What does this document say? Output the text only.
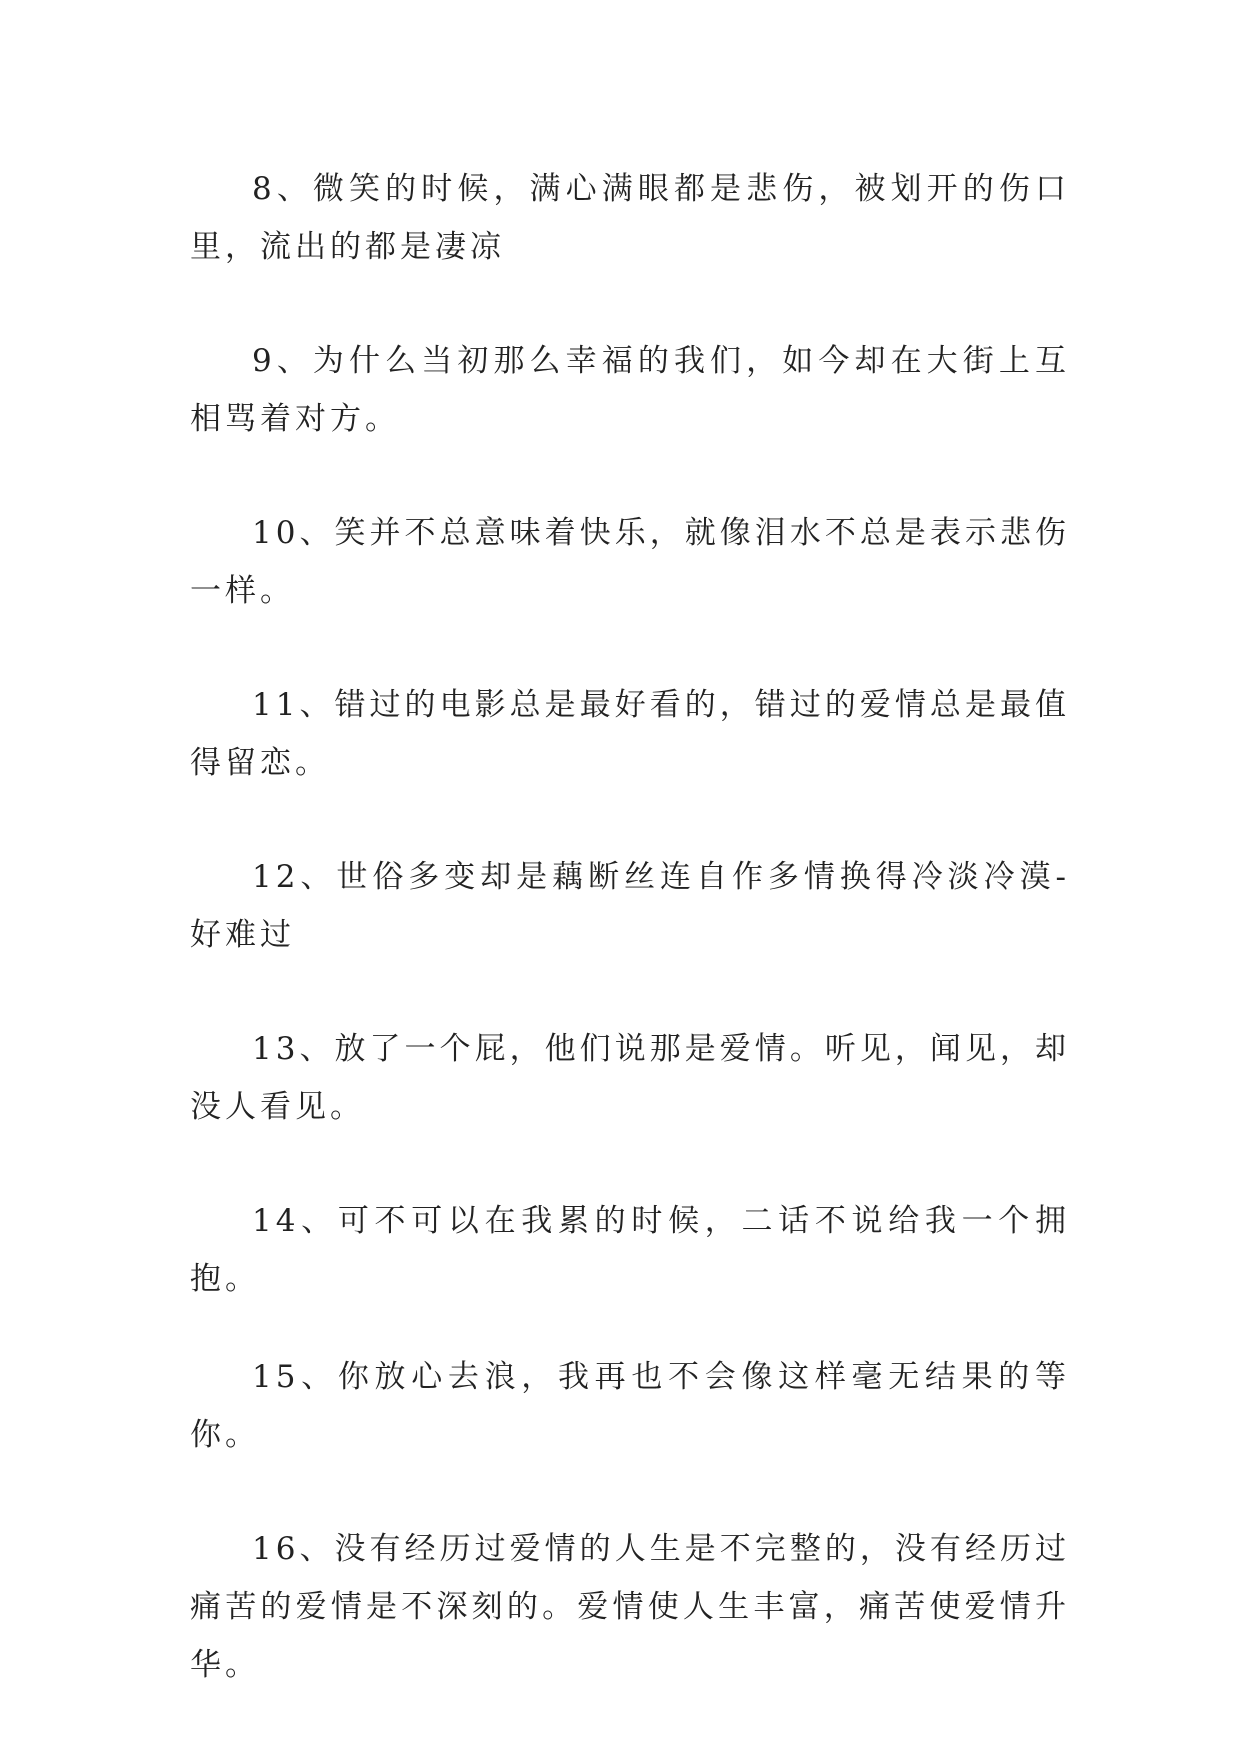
8、微笑的时候，满心满眼都是悲伤，被划开的伤口里，流出的都是凄凉

9、为什么当初那么幸福的我们，如今却在大街上互相骂着对方。

10、笑并不总意味着快乐，就像泪水不总是表示悲伤一样。

11、错过的电影总是最好看的，错过的爱情总是最值得留恋。

12、世俗多变却是藕断丝连自作多情换得冷淡冷漠-好难过

13、放了一个屁，他们说那是爱情。听见，闻见，却没人看见。

14、可不可以在我累的时候，二话不说给我一个拥抱。

15、你放心去浪，我再也不会像这样毫无结果的等你。

16、没有经历过爱情的人生是不完整的，没有经历过痛苦的爱情是不深刻的。爱情使人生丰富，痛苦使爱情升华。
